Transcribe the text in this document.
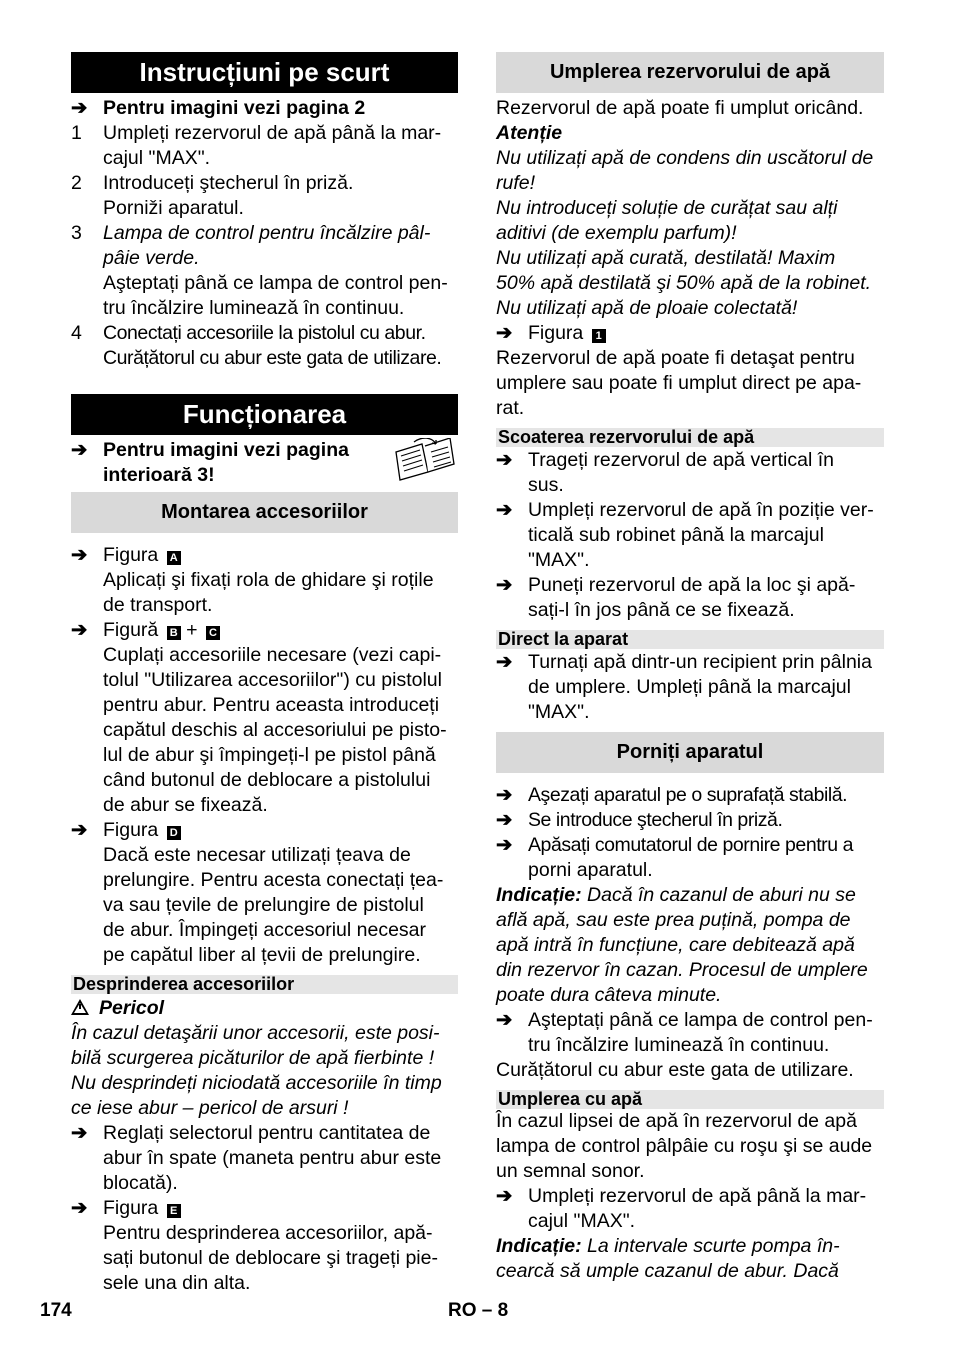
Instrucțiuni pe scurt
➔ Pentru imagini vezi pagina 2
1	Umpleți rezervorul de apă până la mar-
cajul "MAX".
2	Introduceți ştecherul în priză.
Porniži aparatul.
3	Lampa de control pentru încălzire pâl-
pâie verde.
Aşteptați până ce lampa de control pen-
tru încălzire luminează în continuu.
4	Conectați accesoriile la pistolul cu abur.
Curățătorul cu abur este gata de utilizare.
Funcționarea
➔ Pentru imagini vezi pagina
interioară 3!
Montarea accesoriilor
➔ Figura A
Aplicați şi fixați rola de ghidare şi roțile
de transport.
➔ Figură B + C
Cuplați accesoriile necesare (vezi capi-
tolul "Utilizarea accesoriilor") cu pistolul
pentru abur. Pentru aceasta introduceți
capătul deschis al accesoriului pe pisto-
lul de abur şi împingeți-l pe pistol până
când butonul de deblocare a pistolului
de abur se fixează.
➔ Figura D
Dacă este necesar utilizați țeava de
prelungire. Pentru acesta conectați țea-
va sau țevile de prelungire de pistolul
de abur. Împingeți accesoriul necesar
pe capătul liber al țevii de prelungire.
Desprinderea accesoriilor
Pericol
În cazul detaşării unor accesorii, este posi-
bilă scurgerea picăturilor de apă fierbinte !
Nu desprindeți niciodată accesoriile în timp
ce iese abur – pericol de arsuri !
➔ Reglați selectorul pentru cantitatea de
abur în spate (maneta pentru abur este
blocată).
➔ Figura E
Pentru desprinderea accesoriilor, apă-
sați butonul de deblocare şi trageți pie-
sele una din alta.
Umplerea rezervorului de apă
Rezervorul de apă poate fi umplut oricând.
Atenție
Nu utilizați apă de condens din uscătorul de
rufe!
Nu introduceți soluție de curățat sau alți
aditivi (de exemplu parfum)!
Nu utilizați apă curată, destilată! Maxim
50% apă destilată şi 50% apă de la robinet.
Nu utilizați apă de ploaie colectată!
➔ Figura 1
Rezervorul de apă poate fi detaşat pentru
umplere sau poate fi umplut direct pe apa-
rat.
Scoaterea rezervorului de apă
➔ Trageți rezervorul de apă vertical în
sus.
➔ Umpleți rezervorul de apă în poziție ver-
ticală sub robinet până la marcajul
"MAX".
➔ Puneți rezervorul de apă la loc şi apă-
sați-l în jos până ce se fixează.
Direct la aparat
➔ Turnați apă dintr-un recipient prin pâlnia
de umplere. Umpleți până la marcajul
"MAX".
Porniți aparatul
➔ Aşezați aparatul pe o suprafață stabilă.
➔ Se introduce ştecherul în priză.
➔ Apăsați comutatorul de pornire pentru a
porni aparatul.
Indicație: Dacă în cazanul de aburi nu se
află apă, sau este prea puțină, pompa de
apă intră în funcțiune, care debitează apă
din rezervor în cazan. Procesul de umplere
poate dura câteva minute.
➔ Aşteptați până ce lampa de control pen-
tru încălzire luminează în continuu.
Curățătorul cu abur este gata de utilizare.
Umplerea cu apă
În cazul lipsei de apă în rezervorul de apă
lampa de control pâlpâie cu roşu şi se aude
un semnal sonor.
➔ Umpleți rezervorul de apă până la mar-
cajul "MAX".
Indicație: La intervale scurte pompa în-
cearcă să umple cazanul de abur. Dacă
174	RO – 8
